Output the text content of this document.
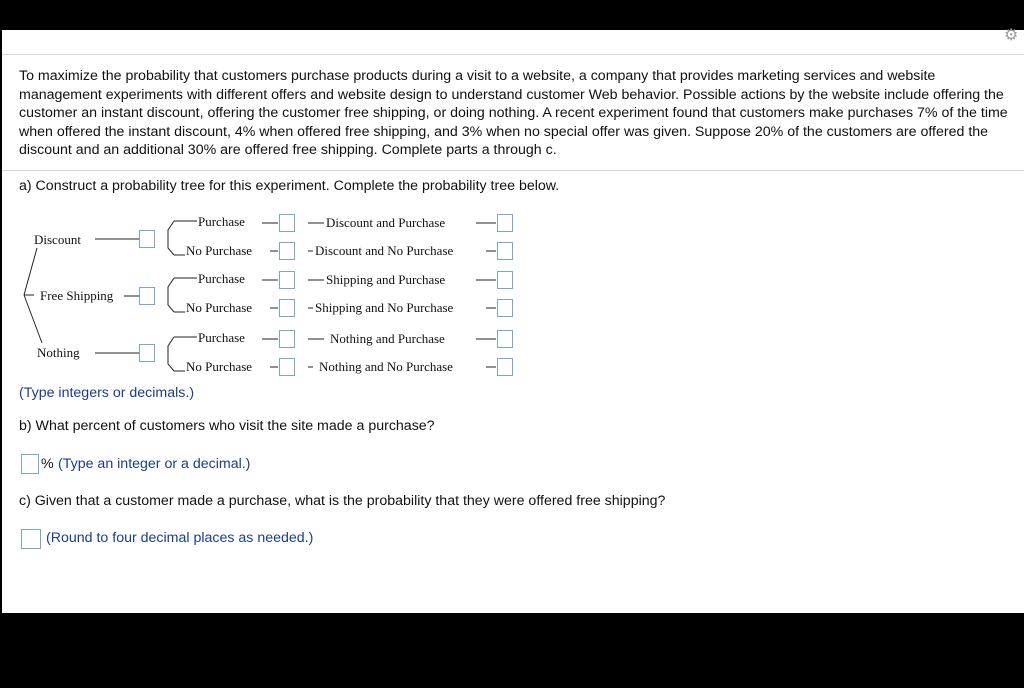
⚙

To maximize the probability that customers purchase products during a visit to a website, a company that provides marketing services and website management experiments with different offers and website design to understand customer Web behavior. Possible actions by the website include offering the customer an instant discount, offering the customer free shipping, or doing nothing. A recent experiment found that customers make purchases 7% of the time when offered the instant discount, 4% when offered free shipping, and 3% when no special offer was given. Suppose 20% of the customers are offered the discount and an additional 30% are offered free shipping. Complete parts a through c.

a) Construct a probability tree for this experiment. Complete the probability tree below.

Discount
Free Shipping
Nothing
Purchase
No Purchase
Purchase
No Purchase
Purchase
No Purchase
Discount and Purchase
Discount and No Purchase
Shipping and Purchase
Shipping and No Purchase
Nothing and Purchase
Nothing and No Purchase
(Type integers or decimals.)

b) What percent of customers who visit the site made a purchase?

% (Type an integer or a decimal.)

c) Given that a customer made a purchase, what is the probability that they were offered free shipping?

(Round to four decimal places as needed.)
